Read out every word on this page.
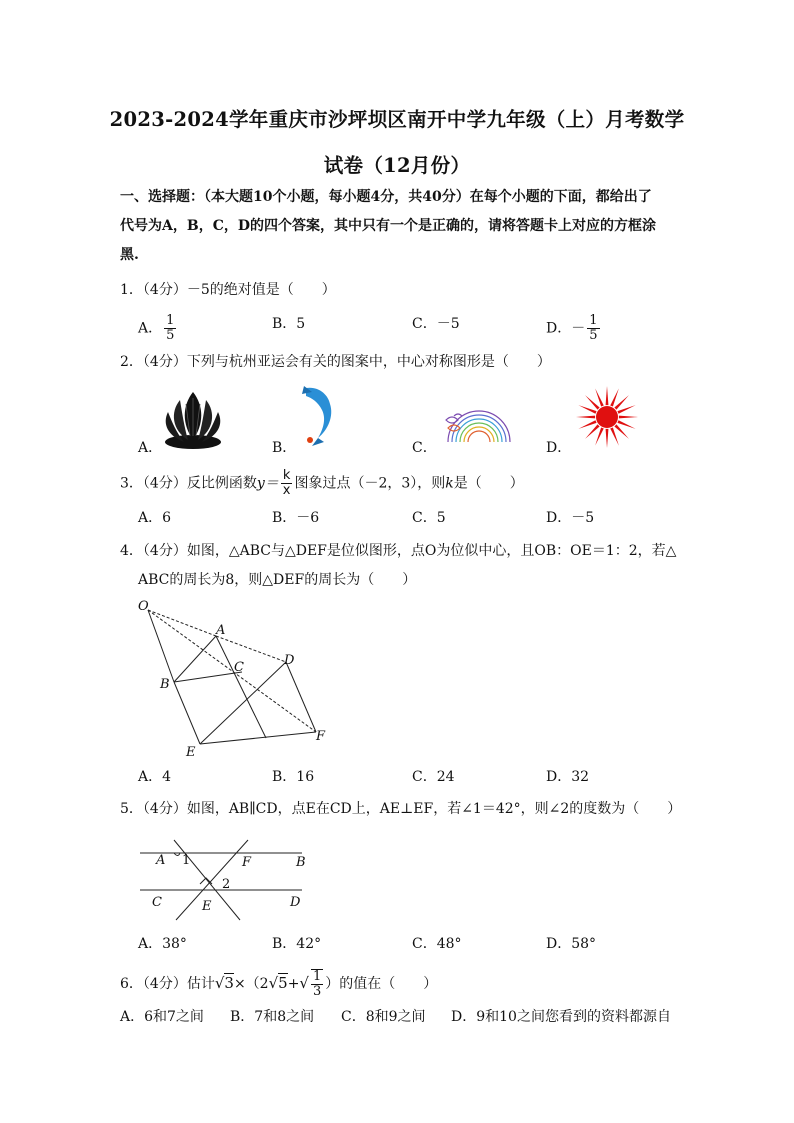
2023-2024学年重庆市沙坪坝区南开中学九年级（上）月考数学
试卷（12月份）
一、选择题：（本大题10个小题，每小题4分，共40分）在每个小题的下面，都给出了
代号为A，B，C，D的四个答案，其中只有一个是正确的，请将答题卡上对应的方框涂
黑.
1．（4分）－5的绝对值是（　　）
A． $\frac{1}{5}$	B．5	C．－5	D．－ $\frac{1}{5}$
2．（4分）下列与杭州亚运会有关的图案中，中心对称图形是（　　）
A．	B．	C．	D．
3．（4分）反比例函数$y= \frac{k}{x}$ 图象过点（－2，3），则k是（　　）
A．6	B．－6	C．5	D．－5
4．（4分）如图，△ABC与△DEF是位似图形，点O为位似中心，且OB：OE＝1：2，若△
ABC的周长为8，则△DEF的周长为（　　）
O
A
B
C	D
E
F
A．4	B．16	C．24	D．32
5．（4分）如图，AB∥CD，点E在CD上，AE⊥EF，若∠1＝42°，则∠2的度数为（　　）
A 1	F	B
2
C	E	D
A．38°	B．42°	C．48°	D．58°
6．（4分）估计$√3\times(2√5+√ \frac{1}{3}$ ）的值在（　　）
A．6和7之间 B．7和8之间 C．8和9之间 D．9和10之间您看到的资料都源自
